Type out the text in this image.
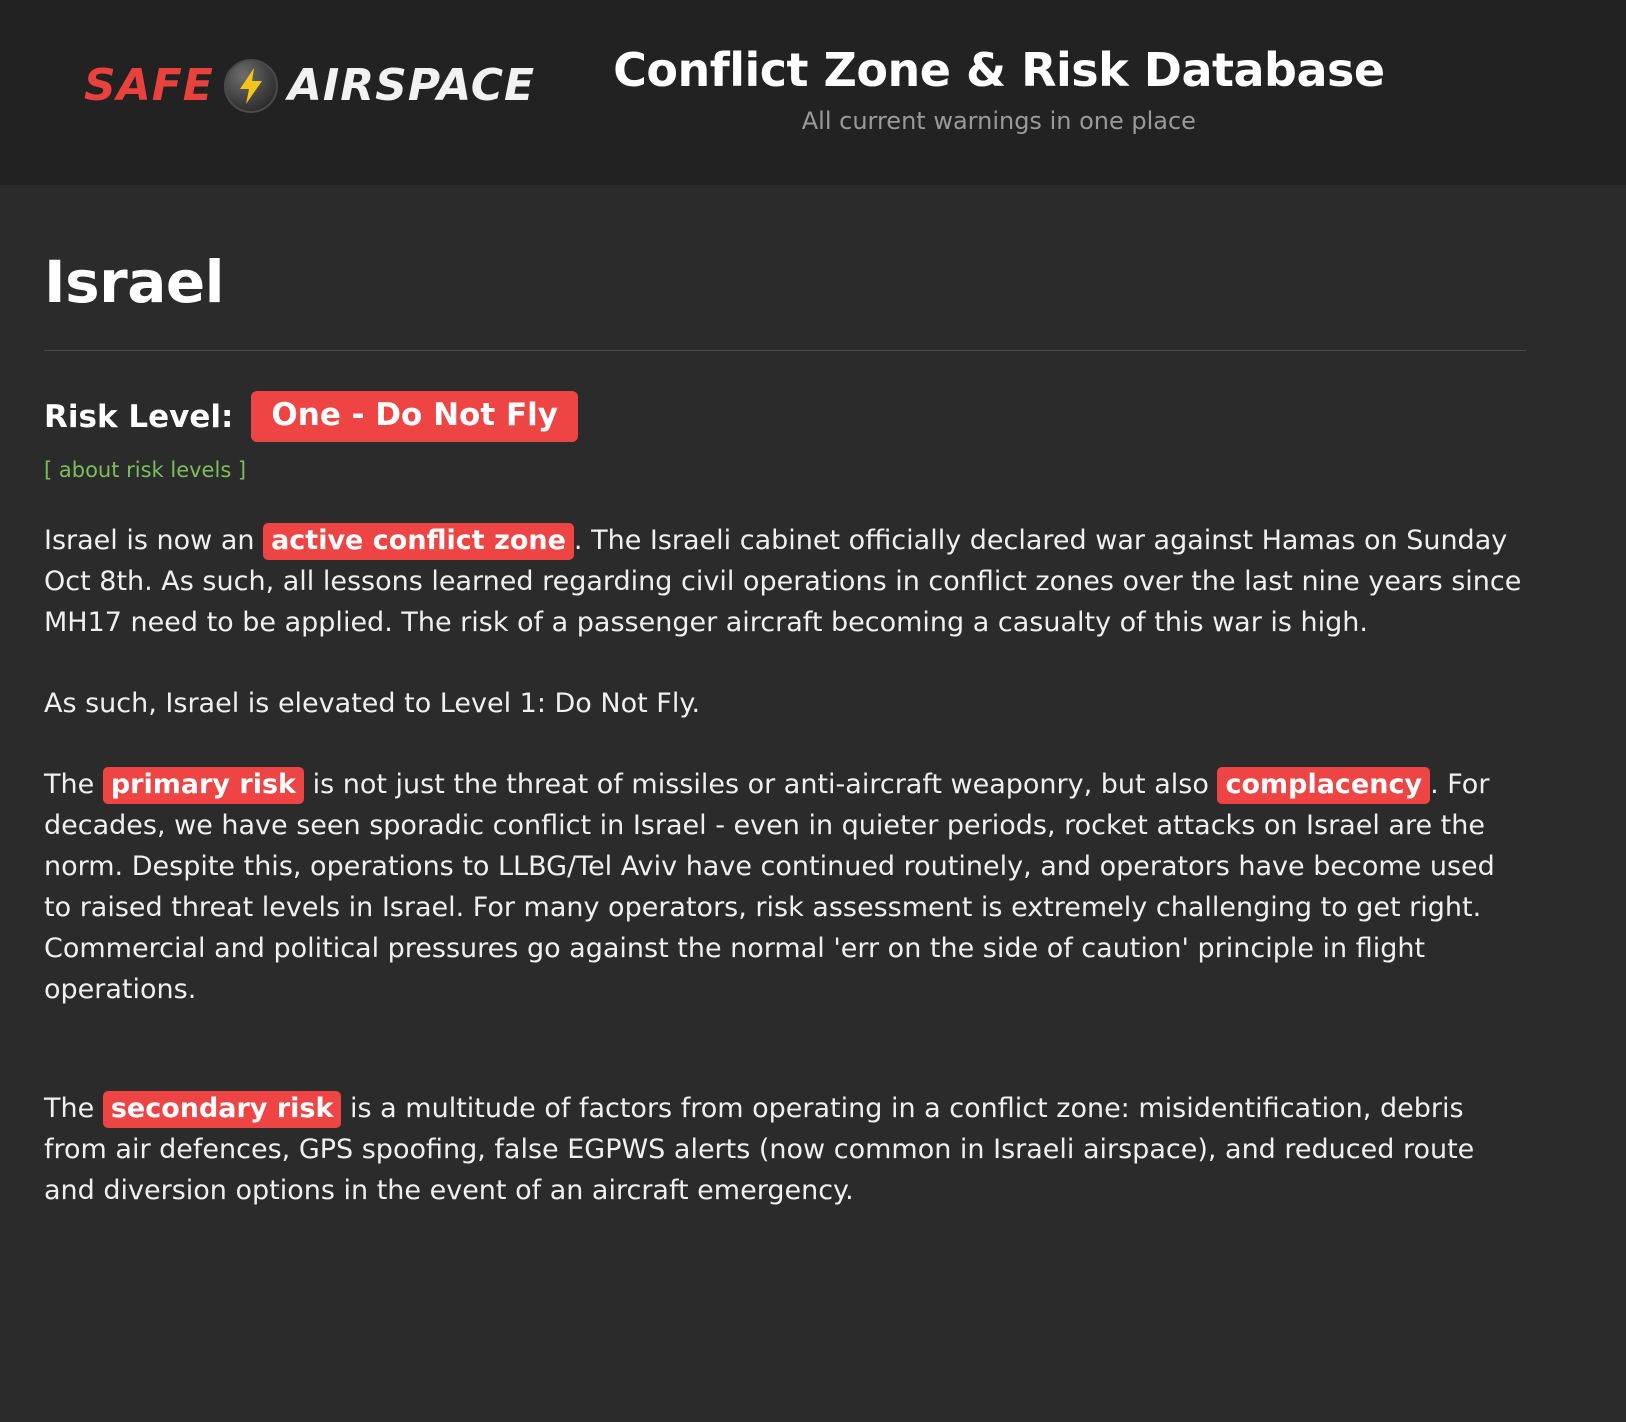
SAFE AIRSPACE Conflict Zone & Risk Database
All current warnings in one place
Israel
Risk Level:	One - Do Not Fly
[ about risk levels ]

Israel is now an active conflict zone . The Israeli cabinet officially declared war against Hamas on Sunday Oct 8th. As such, all lessons learned regarding civil operations in conflict zones over the last nine years since MH17 need to be applied. The risk of a passenger aircraft becoming a casualty of this war is high.

As such, Israel is elevated to Level 1: Do Not Fly.

The primary risk is not just the threat of missiles or anti-aircraft weaponry, but also complacency . For decades, we have seen sporadic conflict in Israel - even in quieter periods, rocket attacks on Israel are the norm. Despite this, operations to LLBG/Tel Aviv have continued routinely, and operators have become used to raised threat levels in Israel. For many operators, risk assessment is extremely challenging to get right. Commercial and political pressures go against the normal 'err on the side of caution' principle in flight operations.

The secondary risk is a multitude of factors from operating in a conflict zone: misidentification, debris from air defences, GPS spoofing, false EGPWS alerts (now common in Israeli airspace), and reduced route and diversion options in the event of an aircraft emergency.
